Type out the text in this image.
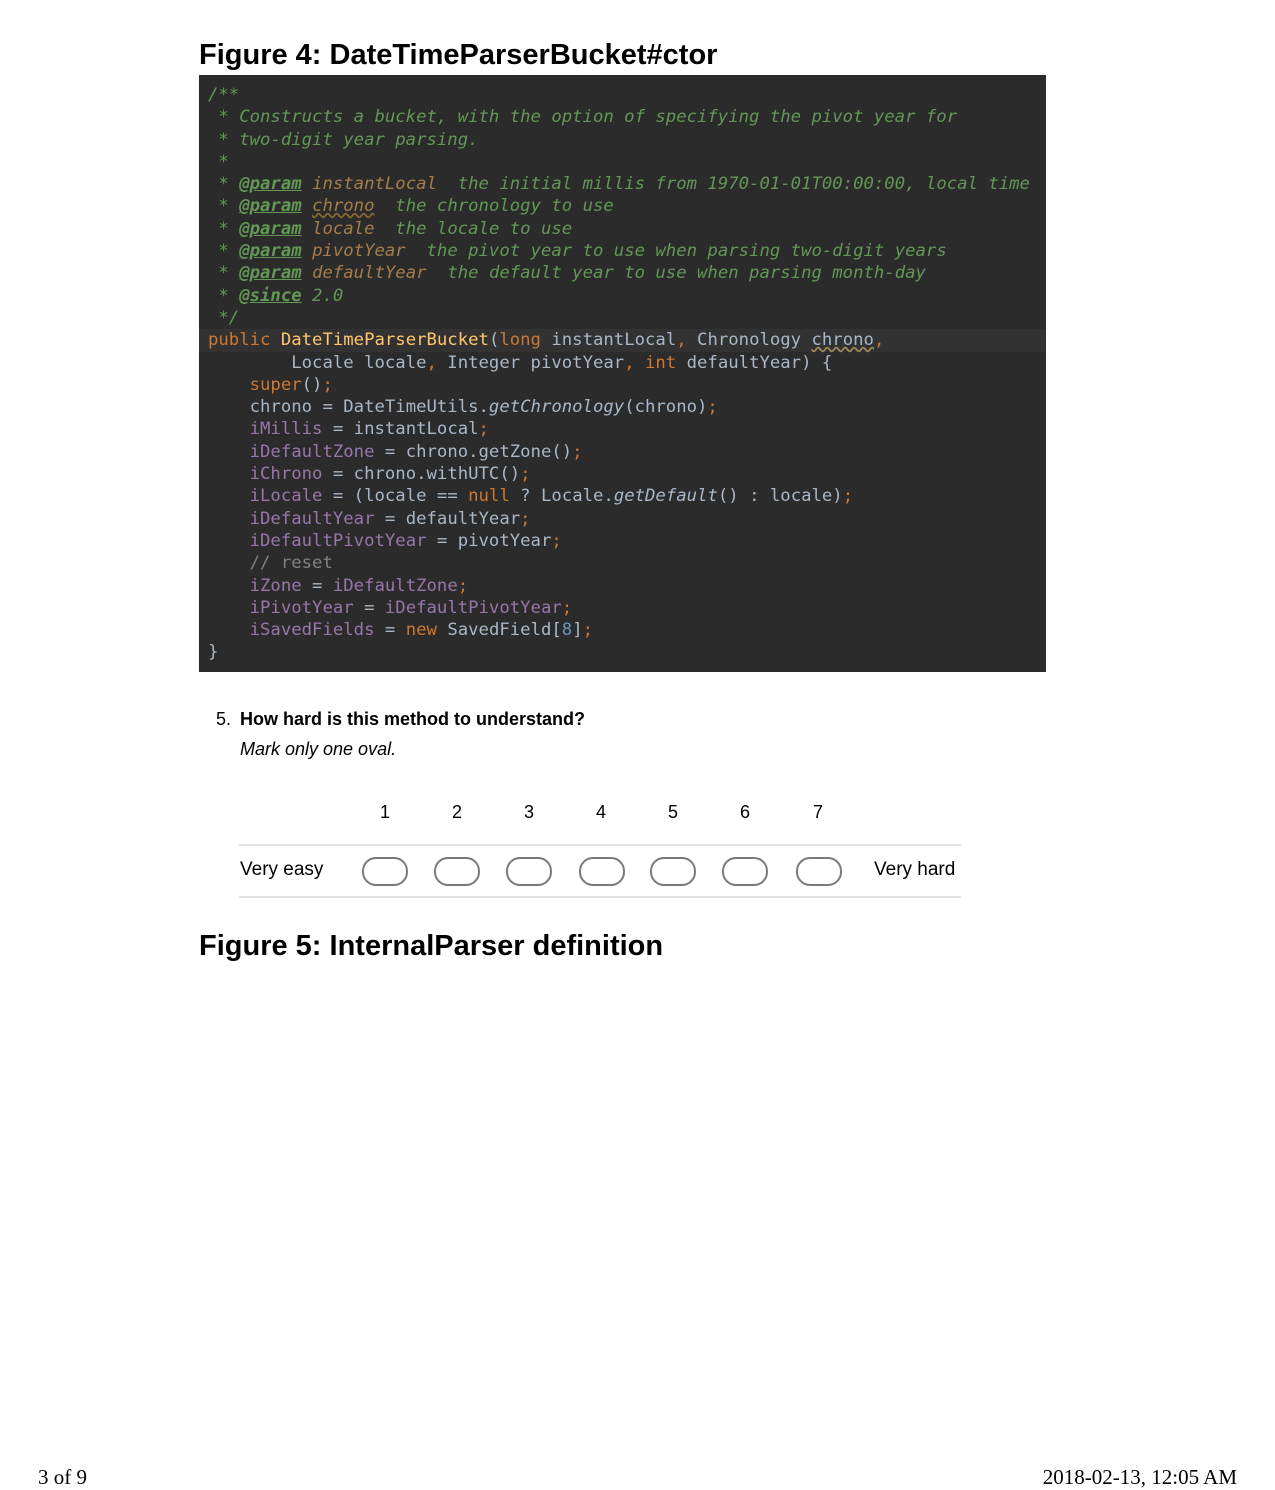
Figure 4: DateTimeParserBucket#ctor
/**
* Constructs a bucket, with the option of specifying the pivot year for
* two-digit year parsing.
*
* @param instantLocal  the initial millis from 1970-01-01T00:00:00, local time
* @param chrono  the chronology to use
* @param locale  the locale to use
* @param pivotYear  the pivot year to use when parsing two-digit years
* @param defaultYear  the default year to use when parsing month-day
* @since 2.0
*/
public DateTimeParserBucket(long instantLocal, Chronology chrono,
Locale locale, Integer pivotYear, int defaultYear) {
super();
chrono = DateTimeUtils.getChronology(chrono);
iMillis = instantLocal;
iDefaultZone = chrono.getZone();
iChrono = chrono.withUTC();
iLocale = (locale == null ? Locale.getDefault() : locale);
iDefaultYear = defaultYear;
iDefaultPivotYear = pivotYear;
// reset
iZone = iDefaultZone;
iPivotYear = iDefaultPivotYear;
iSavedFields = new SavedField[8];
}
5. How hard is this method to understand?
Mark only one oval.
1	2	3	4	5	6	7
Very easy	Very hard
Figure 5: InternalParser definition
3 of 9	2018-02-13, 12:05 AM
